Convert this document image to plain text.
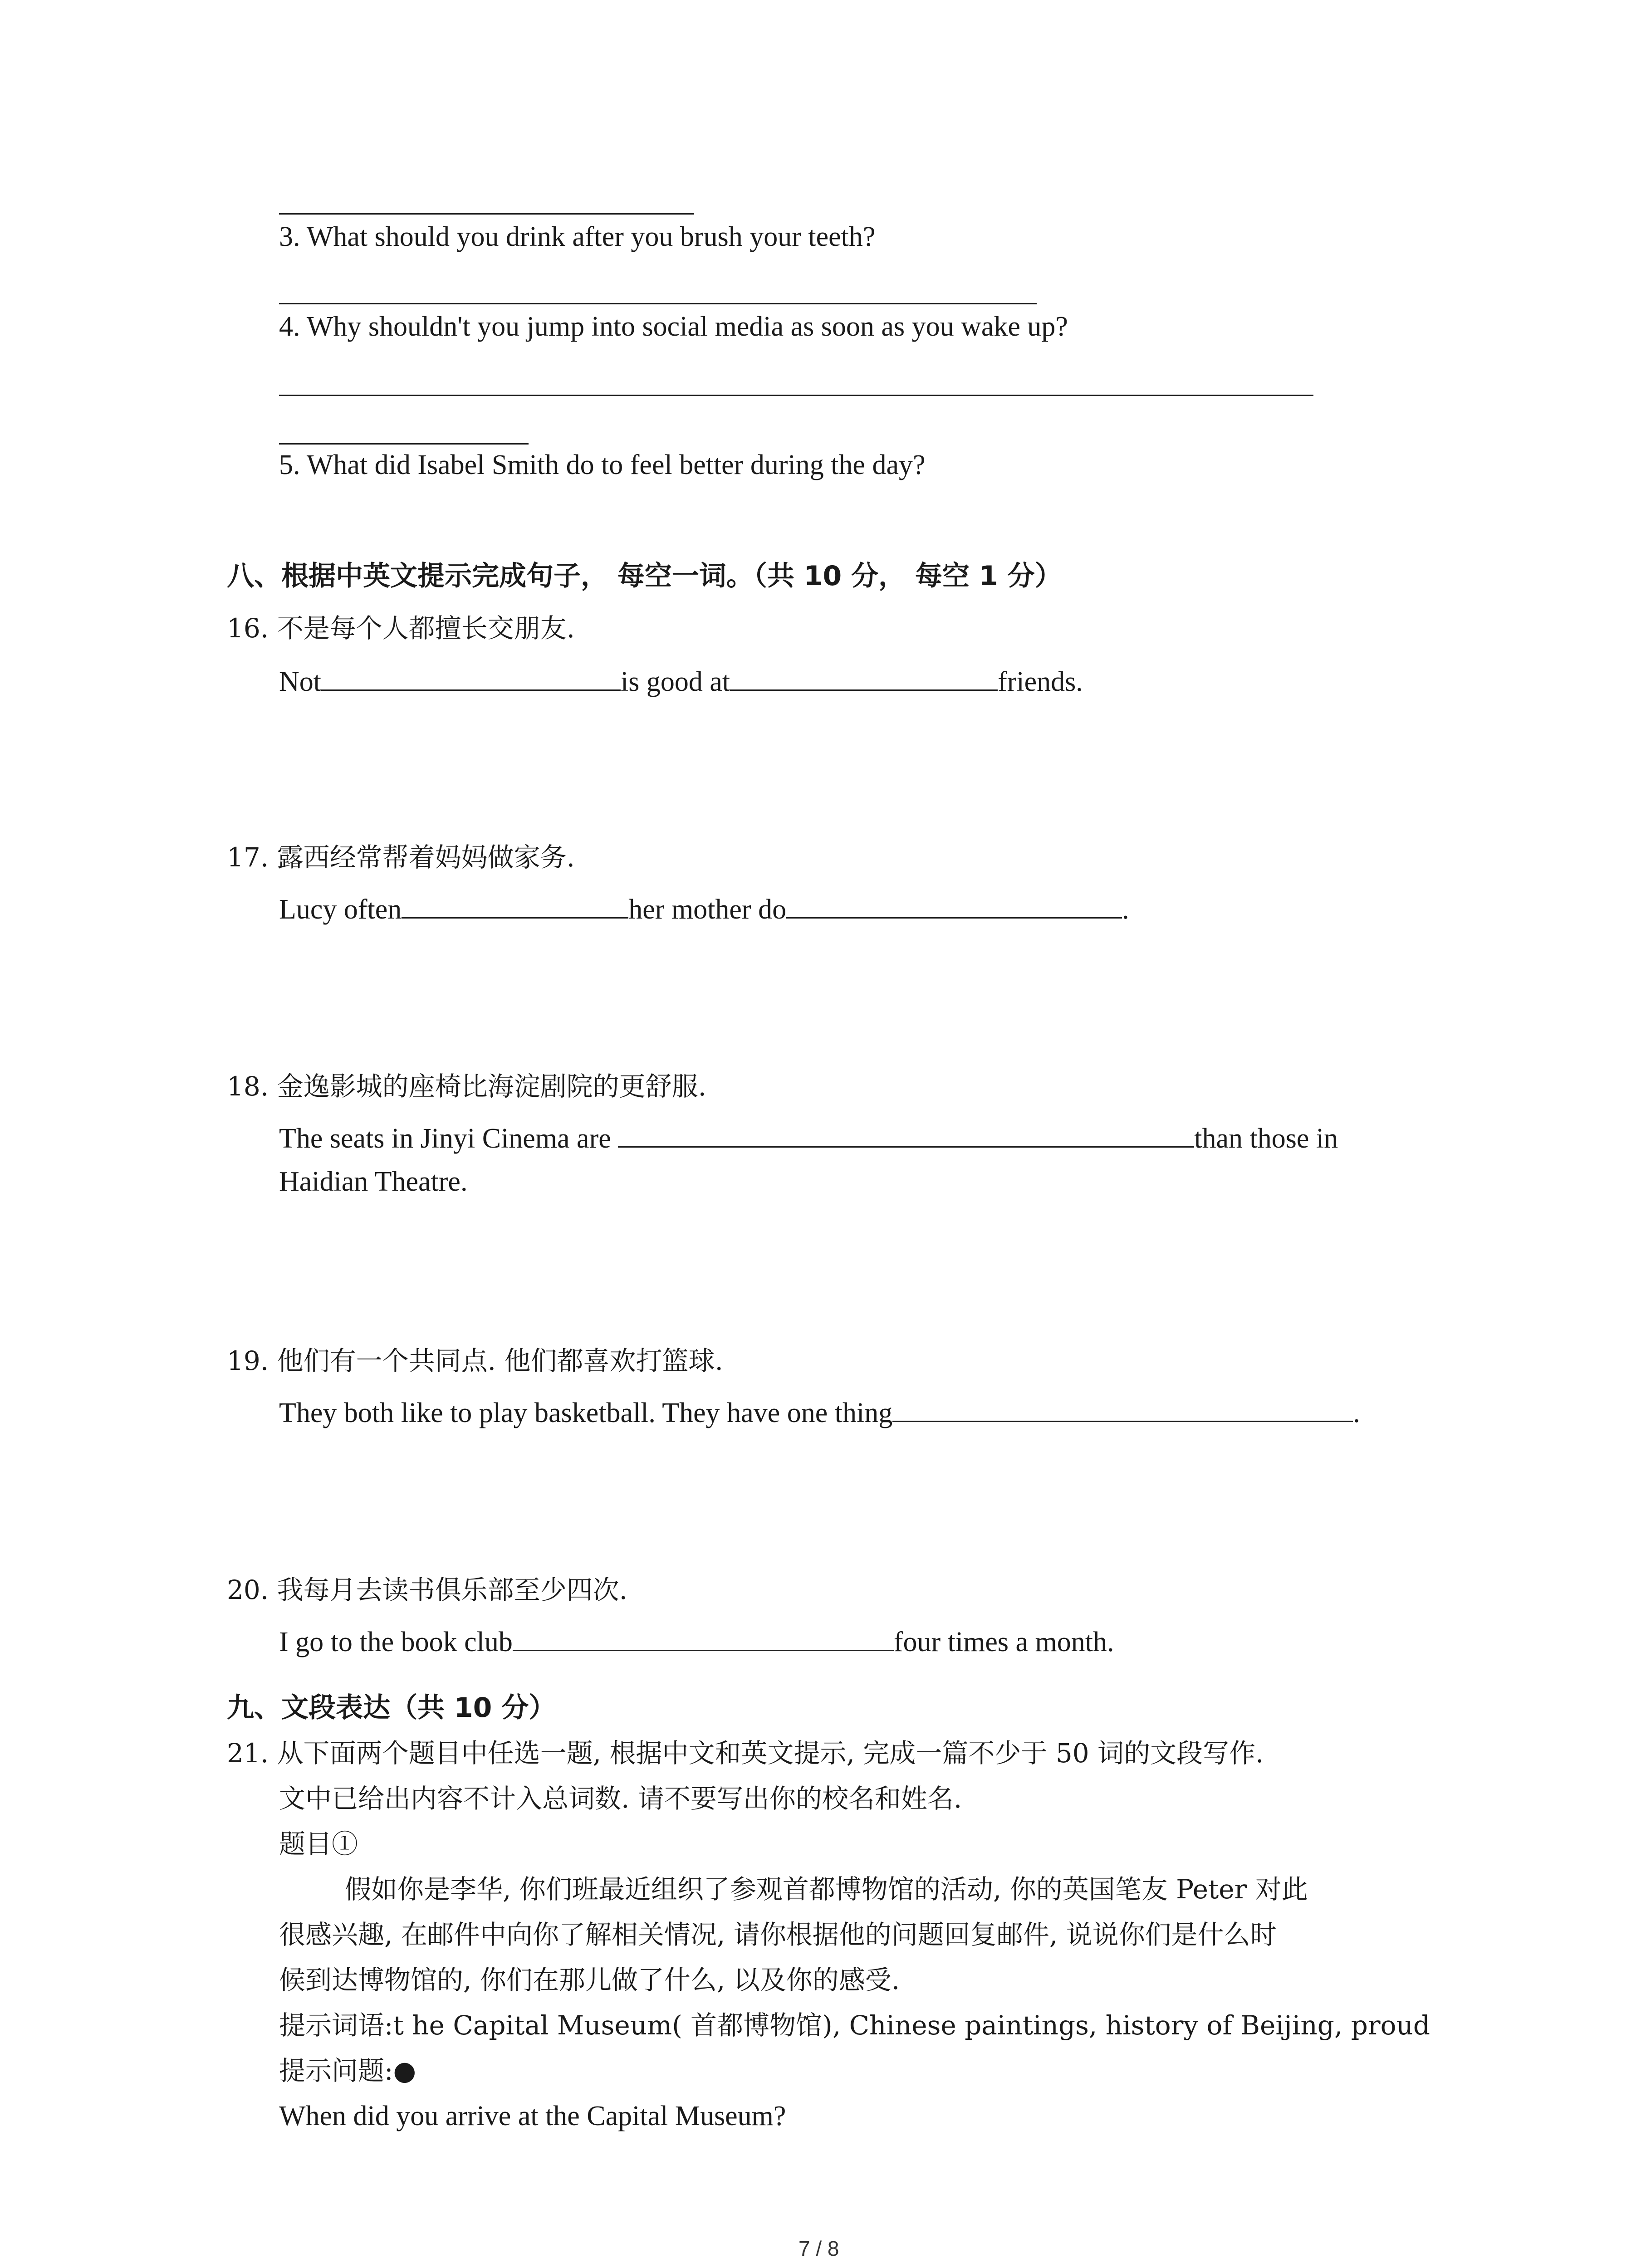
3. What should you drink after you brush your teeth?
4. Why shouldn't you jump into social media as soon as you wake up?
5. What did Isabel Smith do to feel better during the day?
八、根据中英文提示完成句子， 每空一词。（共 10 分， 每空 1 分）
16. 不是每个人都擅长交朋友.
Not	is good at	friends.
17. 露西经常帮着妈妈做家务.
Lucy often	her mother do	.
18. 金逸影城的座椅比海淀剧院的更舒服.
The seats in Jinyi Cinema are	than those in
Haidian Theatre.
19. 他们有一个共同点. 他们都喜欢打篮球.
They both like to play basketball. They have one thing	.
20. 我每月去读书俱乐部至少四次.
I go to the book club	four times a month.
九、文段表达（共 10 分）
21. 从下面两个题目中任选一题, 根据中文和英文提示, 完成一篇不少于 50 词的文段写作.
文中已给出内容不计入总词数. 请不要写出你的校名和姓名.
题目①
假如你是李华, 你们班最近组织了参观首都博物馆的活动, 你的英国笔友 Peter 对此
很感兴趣, 在邮件中向你了解相关情况, 请你根据他的问题回复邮件, 说说你们是什么时
候到达博物馆的, 你们在那儿做了什么, 以及你的感受.
提示词语:t he Capital Museum( 首都博物馆), Chinese paintings, history of Beijing, proud
提示问题:●
When did you arrive at the Capital Museum?
7 / 8
